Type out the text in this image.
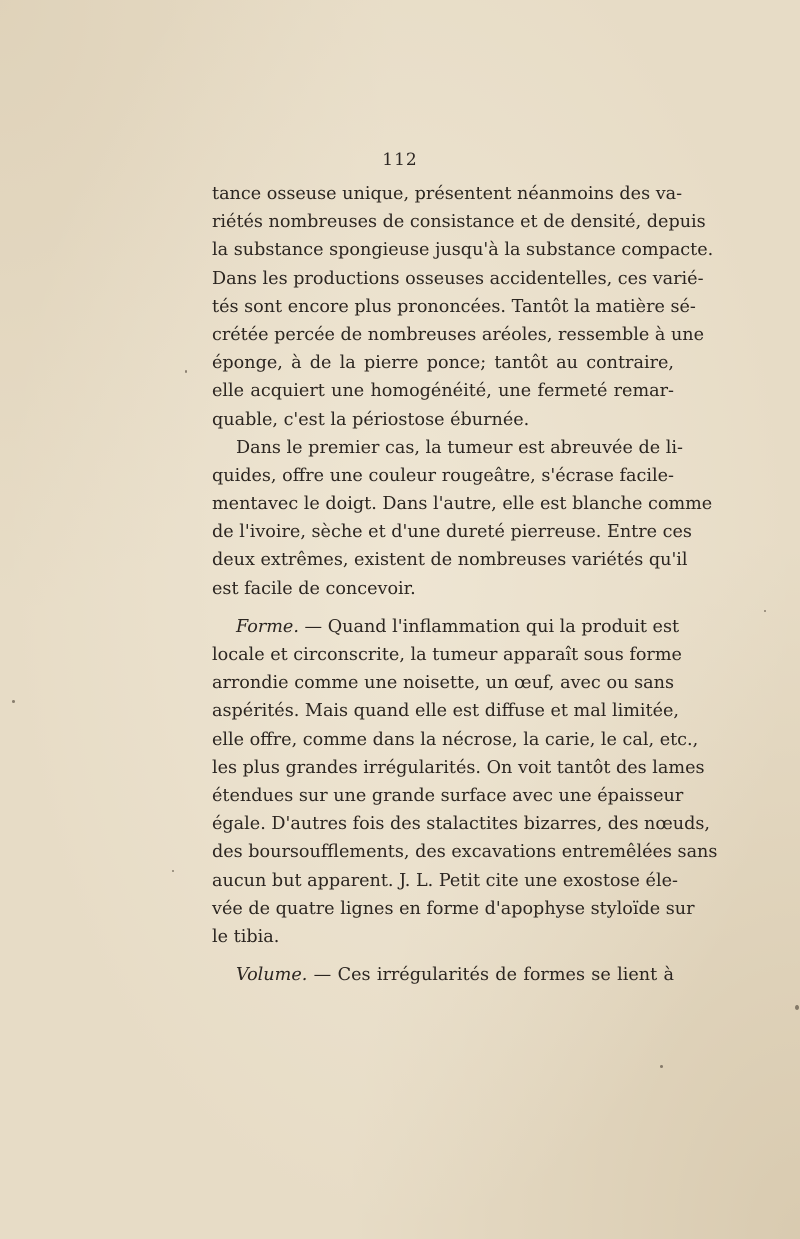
112
tance osseuse unique, présentent néanmoins des va-
riétés nombreuses de consistance et de densité, depuis
la substance spongieuse jusqu'à la substance compacte.
Dans les productions osseuses accidentelles, ces varié-
tés sont encore plus prononcées. Tantôt la matière sé-
crétée percée de nombreuses aréoles, ressemble à une
éponge, à de la pierre ponce; tantôt au contraire,
elle acquiert une homogénéité, une fermeté remar-
quable, c'est la périostose éburnée.
Dans le premier cas, la tumeur est abreuvée de li-
quides, offre une couleur rougeâtre, s'écrase facile-
mentavec le doigt. Dans l'autre, elle est blanche comme
de l'ivoire, sèche et d'une dureté pierreuse. Entre ces
deux extrêmes, existent de nombreuses variétés qu'il
est facile de concevoir.
Forme. — Quand l'inflammation qui la produit est
locale et circonscrite, la tumeur apparaît sous forme
arrondie comme une noisette, un œuf, avec ou sans
aspérités. Mais quand elle est diffuse et mal limitée,
elle offre, comme dans la nécrose, la carie, le cal, etc.,
les plus grandes irrégularités. On voit tantôt des lames
étendues sur une grande surface avec une épaisseur
égale. D'autres fois des stalactites bizarres, des nœuds,
des boursoufflements, des excavations entremêlées sans
aucun but apparent. J. L. Petit cite une exostose éle-
vée de quatre lignes en forme d'apophyse styloïde sur
le tibia.
Volume. — Ces irrégularités de formes se lient à
